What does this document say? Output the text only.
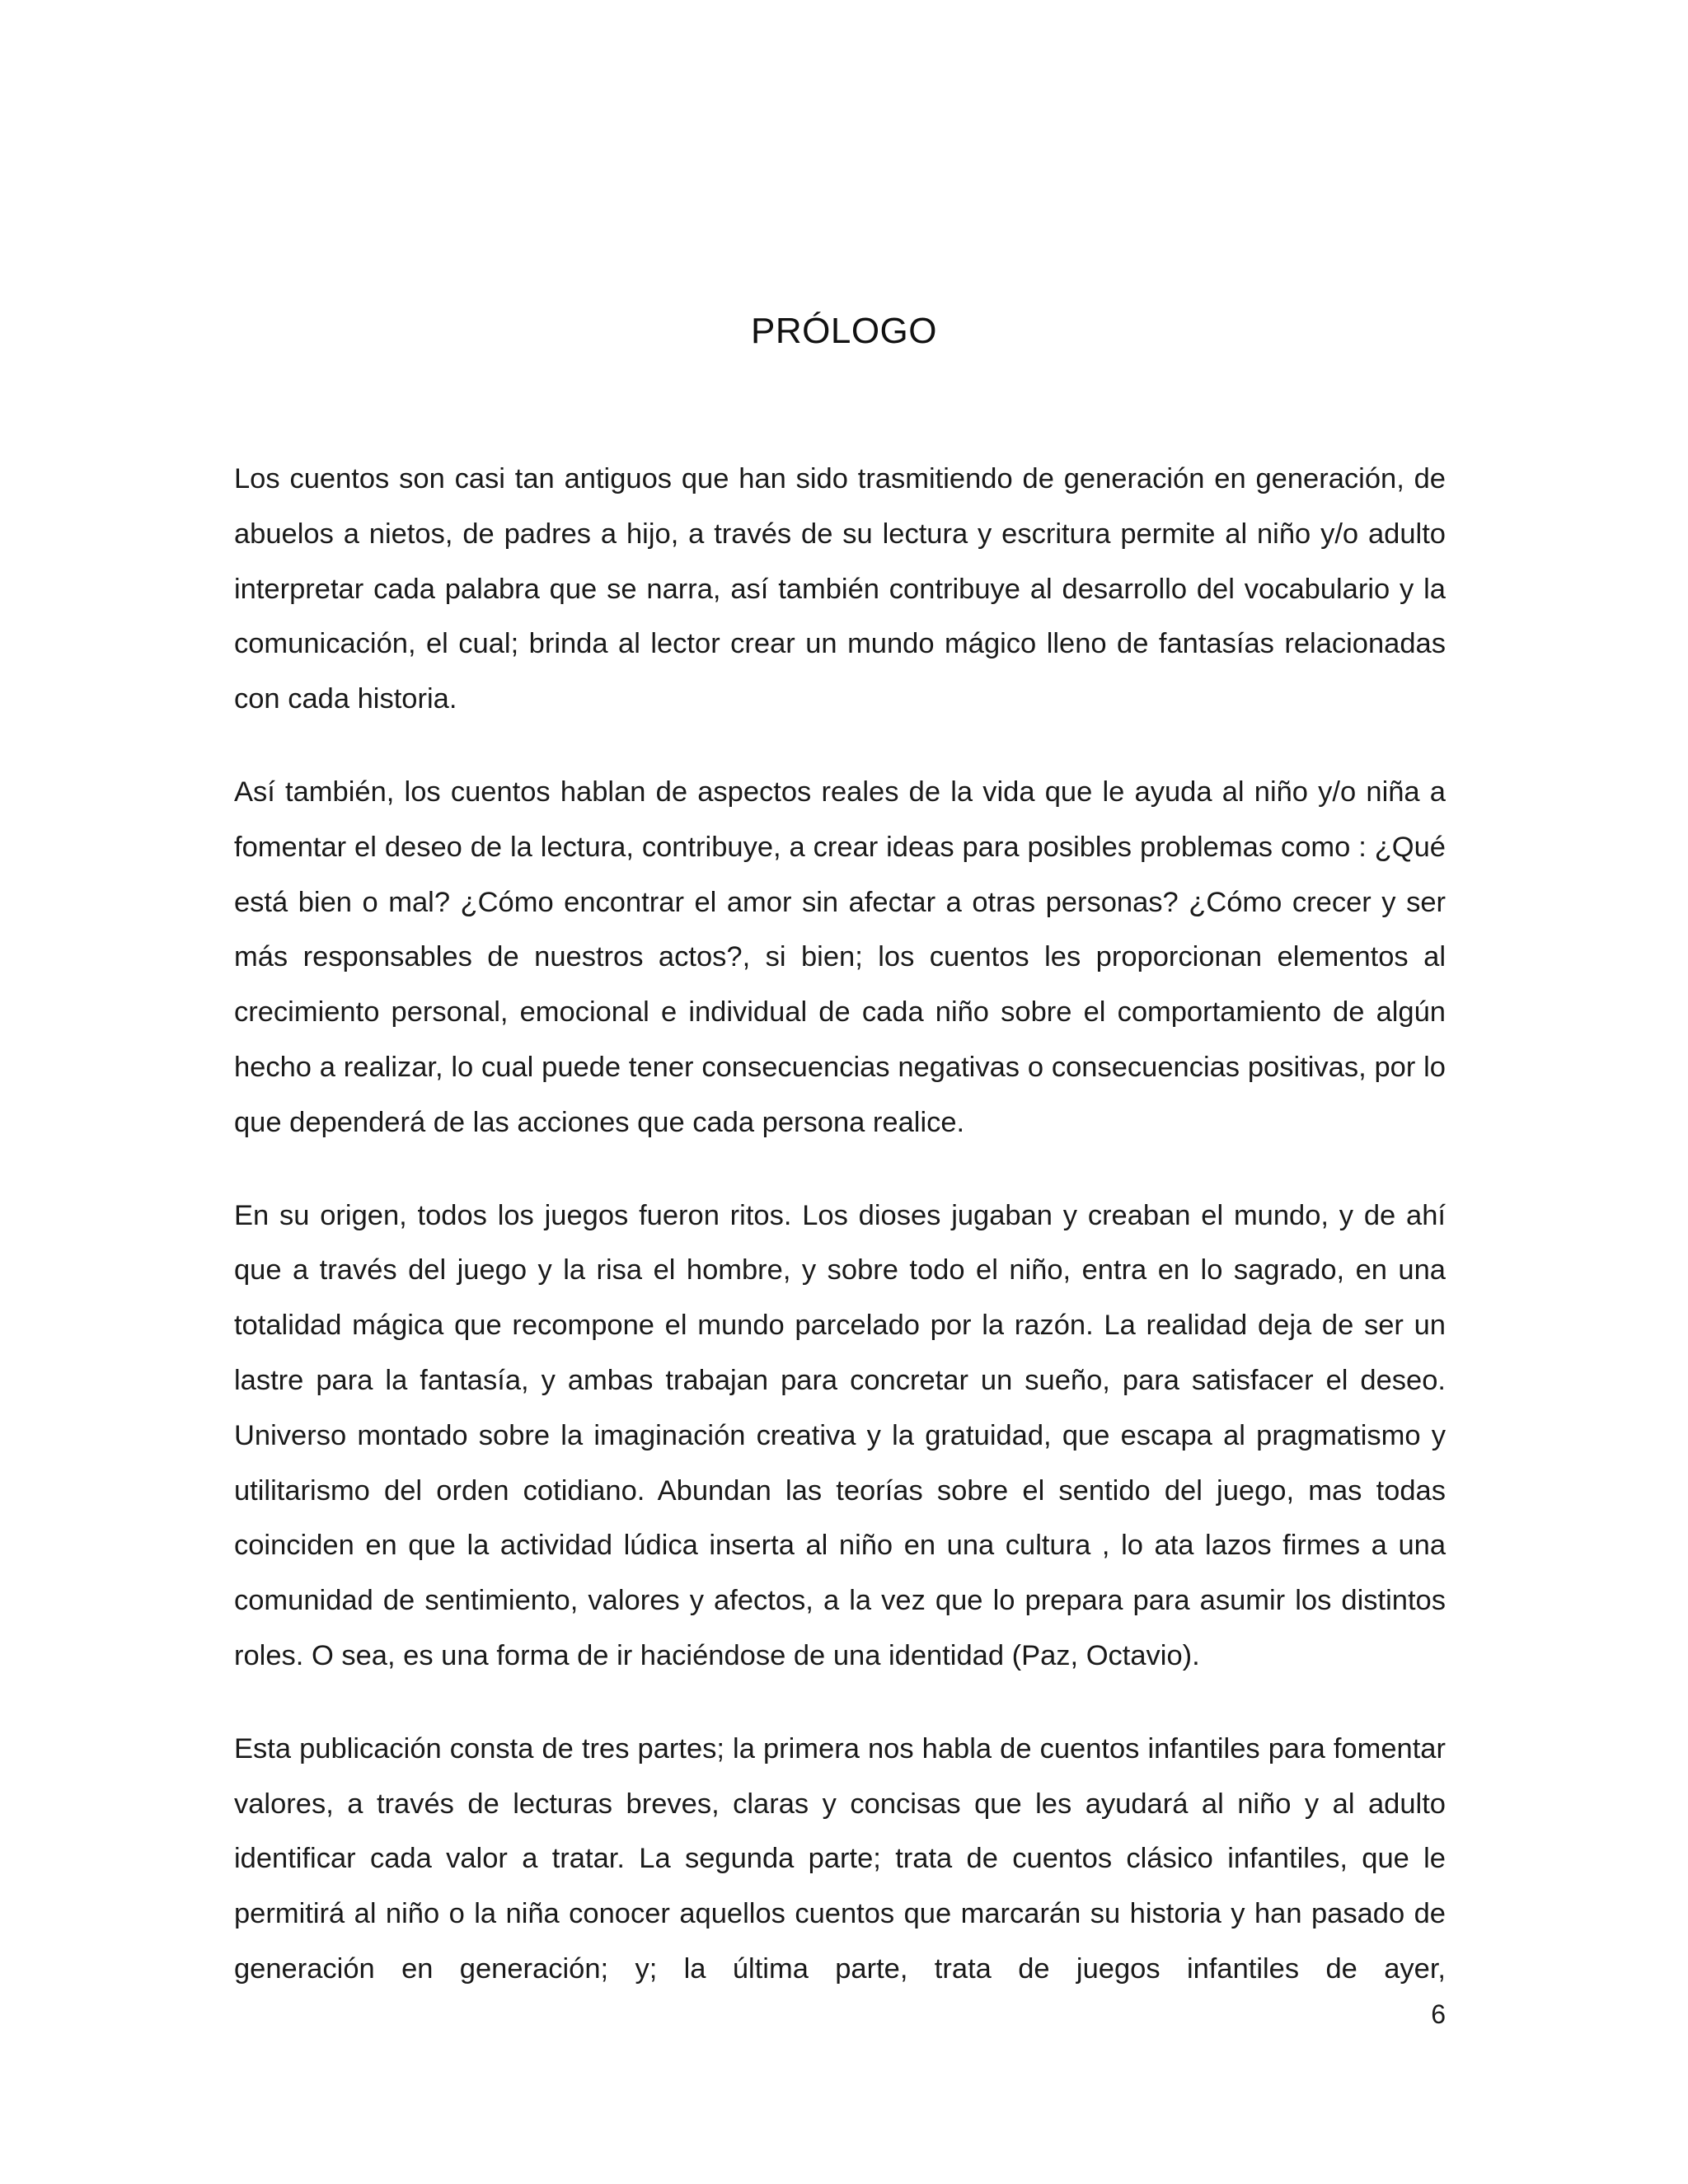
PRÓLOGO

Los cuentos son casi tan antiguos que han sido trasmitiendo de generación en generación, de abuelos a nietos, de padres a hijo, a través de su lectura y escritura permite al niño y/o adulto interpretar cada palabra que se narra, así también contribuye al desarrollo del vocabulario y la comunicación, el cual; brinda al lector crear un mundo mágico lleno de fantasías relacionadas con cada historia.

Así también, los cuentos hablan de aspectos reales de la vida que le ayuda al niño y/o niña a fomentar el deseo de la lectura, contribuye, a crear ideas para posibles problemas como : ¿Qué está bien o mal? ¿Cómo encontrar el amor sin afectar a otras personas? ¿Cómo crecer y ser más responsables de nuestros actos?, si bien; los cuentos les proporcionan elementos al crecimiento personal, emocional e individual de cada niño sobre el comportamiento de algún hecho a realizar, lo cual puede tener consecuencias negativas o consecuencias positivas, por lo que dependerá de las acciones que cada persona realice.

En su origen, todos los juegos fueron ritos. Los dioses jugaban y creaban el mundo, y de ahí que a través del juego y la risa el hombre, y sobre todo el niño, entra en lo sagrado, en una totalidad mágica que recompone el mundo parcelado por la razón. La realidad deja de ser un lastre para la fantasía, y ambas trabajan para concretar un sueño, para satisfacer el deseo. Universo montado sobre la imaginación creativa y la gratuidad, que escapa al pragmatismo y utilitarismo del orden cotidiano. Abundan las teorías sobre el sentido del juego, mas todas coinciden en que la actividad lúdica inserta al niño en una cultura , lo ata lazos firmes a una comunidad de sentimiento, valores y afectos, a la vez que lo prepara para asumir los distintos roles. O sea, es una forma de ir haciéndose de una identidad (Paz, Octavio).

Esta publicación consta de tres partes; la primera nos habla de cuentos infantiles para fomentar valores, a través de lecturas breves, claras y concisas que les ayudará al niño y al adulto identificar cada valor a tratar. La segunda parte; trata de cuentos clásico infantiles, que le permitirá al niño o la niña conocer aquellos cuentos que marcarán su historia y han pasado de generación en generación; y; la última parte, trata de juegos infantiles de ayer,

6
